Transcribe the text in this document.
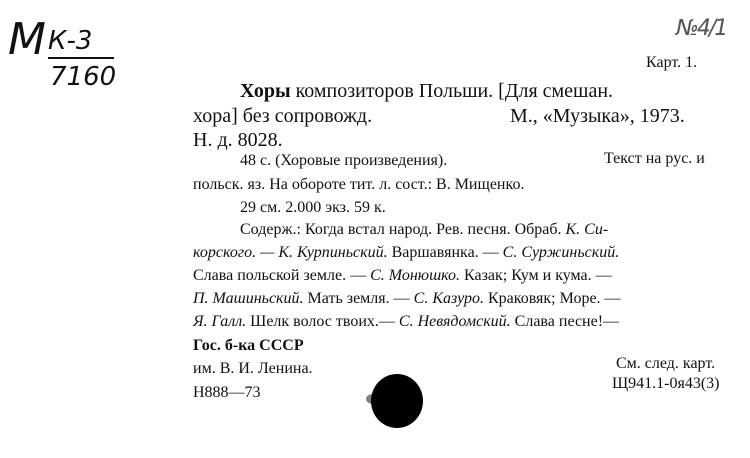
М К-3
7160
№4/1
Карт. 1.
Хоры композиторов Польши. [Для смешан.
хора] без сопровожд.	М., «Музыка», 1973.
Н. д. 8028.
48 с. (Хоровые произведения).	Текст на рус. и
польск. яз. На обороте тит. л. сост.: В. Мищенко.
29 см. 2.000 экз. 59 к.
Содерж.: Когда встал народ. Рев. песня. Обраб. К. Си-
корского. — К. Курпиньский. Варшавянка. — С. Суржиньский.
Слава польской земле. — С. Монюшко. Казак; Кум и кума. —
П. Машиньский. Мать земля. — С. Казуро. Краковяк; Море. —
Я. Галл. Шелк волос твоих.— С. Невядомский. Слава песне!—
Гос. б-ка СССР
им. В. И. Ленина.
Н888—73
См. след. карт.
Щ941.1-0я43(3)
